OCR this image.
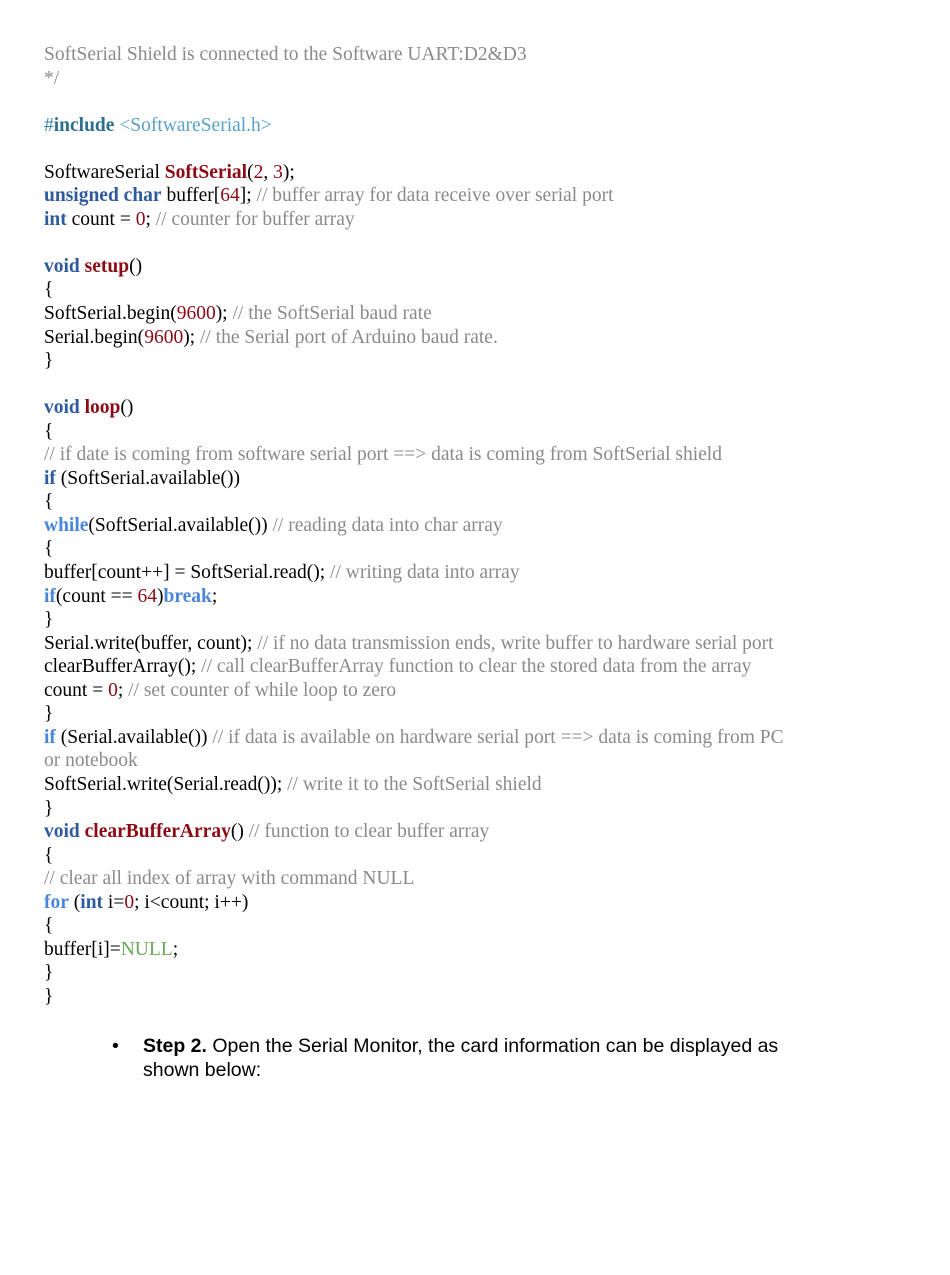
SoftSerial Shield is connected to the Software UART:D2&D3
*/
#include <SoftwareSerial.h>
SoftwareSerial SoftSerial(2, 3);
unsigned char buffer[64]; // buffer array for data receive over serial port
int count = 0; // counter for buffer array
void setup()
{
SoftSerial.begin(9600); // the SoftSerial baud rate
Serial.begin(9600); // the Serial port of Arduino baud rate.
}
void loop()
{
// if date is coming from software serial port ==> data is coming from SoftSerial shield
if (SoftSerial.available())
{
while(SoftSerial.available()) // reading data into char array
{
buffer[count++] = SoftSerial.read(); // writing data into array
if(count == 64)break;
}
Serial.write(buffer, count); // if no data transmission ends, write buffer to hardware serial port
clearBufferArray(); // call clearBufferArray function to clear the stored data from the array
count = 0; // set counter of while loop to zero
}
if (Serial.available()) // if data is available on hardware serial port ==> data is coming from PC
or notebook
SoftSerial.write(Serial.read()); // write it to the SoftSerial shield
}
void clearBufferArray() // function to clear buffer array
{
// clear all index of array with command NULL
for (int i=0; i<count; i++)
{
buffer[i]=NULL;
}
}
• Step 2. Open the Serial Monitor, the card information can be displayed as shown below:
